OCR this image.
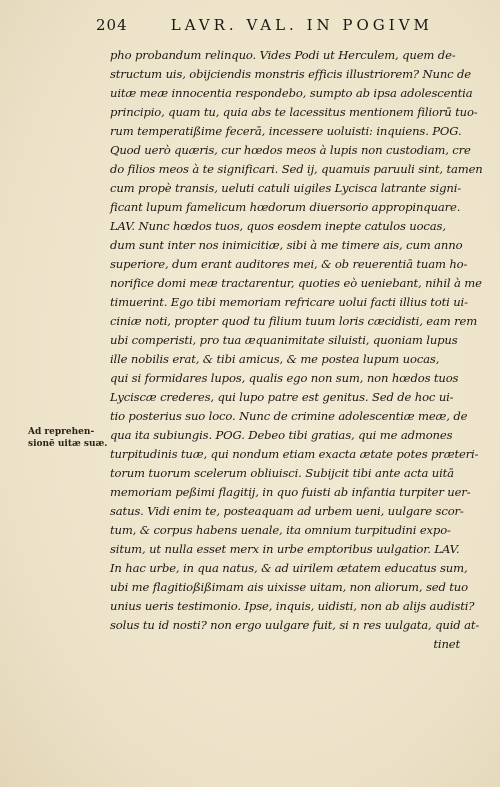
204	LAVR. VAL. IN POGIVM
Ad reprehen-
sionē uitæ suæ.
pho probandum relinquo. Vides Podi ut Herculem, quem de-
structum uis, obijciendis monstris efficis illustriorem? Nunc de
uitæ meæ innocentia respondebo, sumpto ab ipsa adolescentia
principio, quam tu, quia abs te lacessitus mentionem filiorū tuo-
rum temperatißime fecerā, incessere uoluisti: inquiens. POG.
Quod uerò quæris, cur hœdos meos à lupis non custodiam, cre
do filios meos à te significari. Sed ij, quamuis paruuli sint, tamen
cum propè transis, ueluti catuli uigiles Lycisca latrante signi-
ficant lupum famelicum hœdorum diuersorio appropinquare.
LAV. Nunc hœdos tuos, quos eosdem inepte catulos uocas,
dum sunt inter nos inimicitiæ, sibi à me timere ais, cum anno
superiore, dum erant auditores mei, & ob reuerentiā tuam ho-
norifice domi meæ tractarentur, quoties eò ueniebant, nihil à me
timuerint. Ego tibi memoriam refricare uolui facti illius toti ui-
ciniæ noti, propter quod tu filium tuum loris cæcidisti, eam rem
ubi comperisti, pro tua æquanimitate siluisti, quoniam lupus
ille nobilis erat, & tibi amicus, & me postea lupum uocas,
qui si formidares lupos, qualis ego non sum, non hœdos tuos
Lyciscæ crederes, qui lupo patre est genitus. Sed de hoc ui-
tio posterius suo loco. Nunc de crimine adolescentiæ meæ, de
qua ita subiungis. POG. Debeo tibi gratias, qui me admones
turpitudinis tuæ, qui nondum etiam exacta ætate potes præteri-
torum tuorum scelerum obliuisci. Subijcit tibi ante acta uitā
memoriam peßimi flagitij, in quo fuisti ab infantia turpiter uer-
satus. Vidi enim te, posteaquam ad urbem ueni, uulgare scor-
tum, & corpus habens uenale, ita omnium turpitudini expo-
situm, ut nulla esset merx in urbe emptoribus uulgatior. LAV.
In hac urbe, in qua natus, & ad uirilem ætatem educatus sum,
ubi me flagitioßißimam ais uixisse uitam, non aliorum, sed tuo
unius ueris testimonio. Ipse, inquis, uidisti, non ab alijs audisti?
solus tu id nosti? non ergo uulgare fuit, si n res uulgata, quid at-
tinet
